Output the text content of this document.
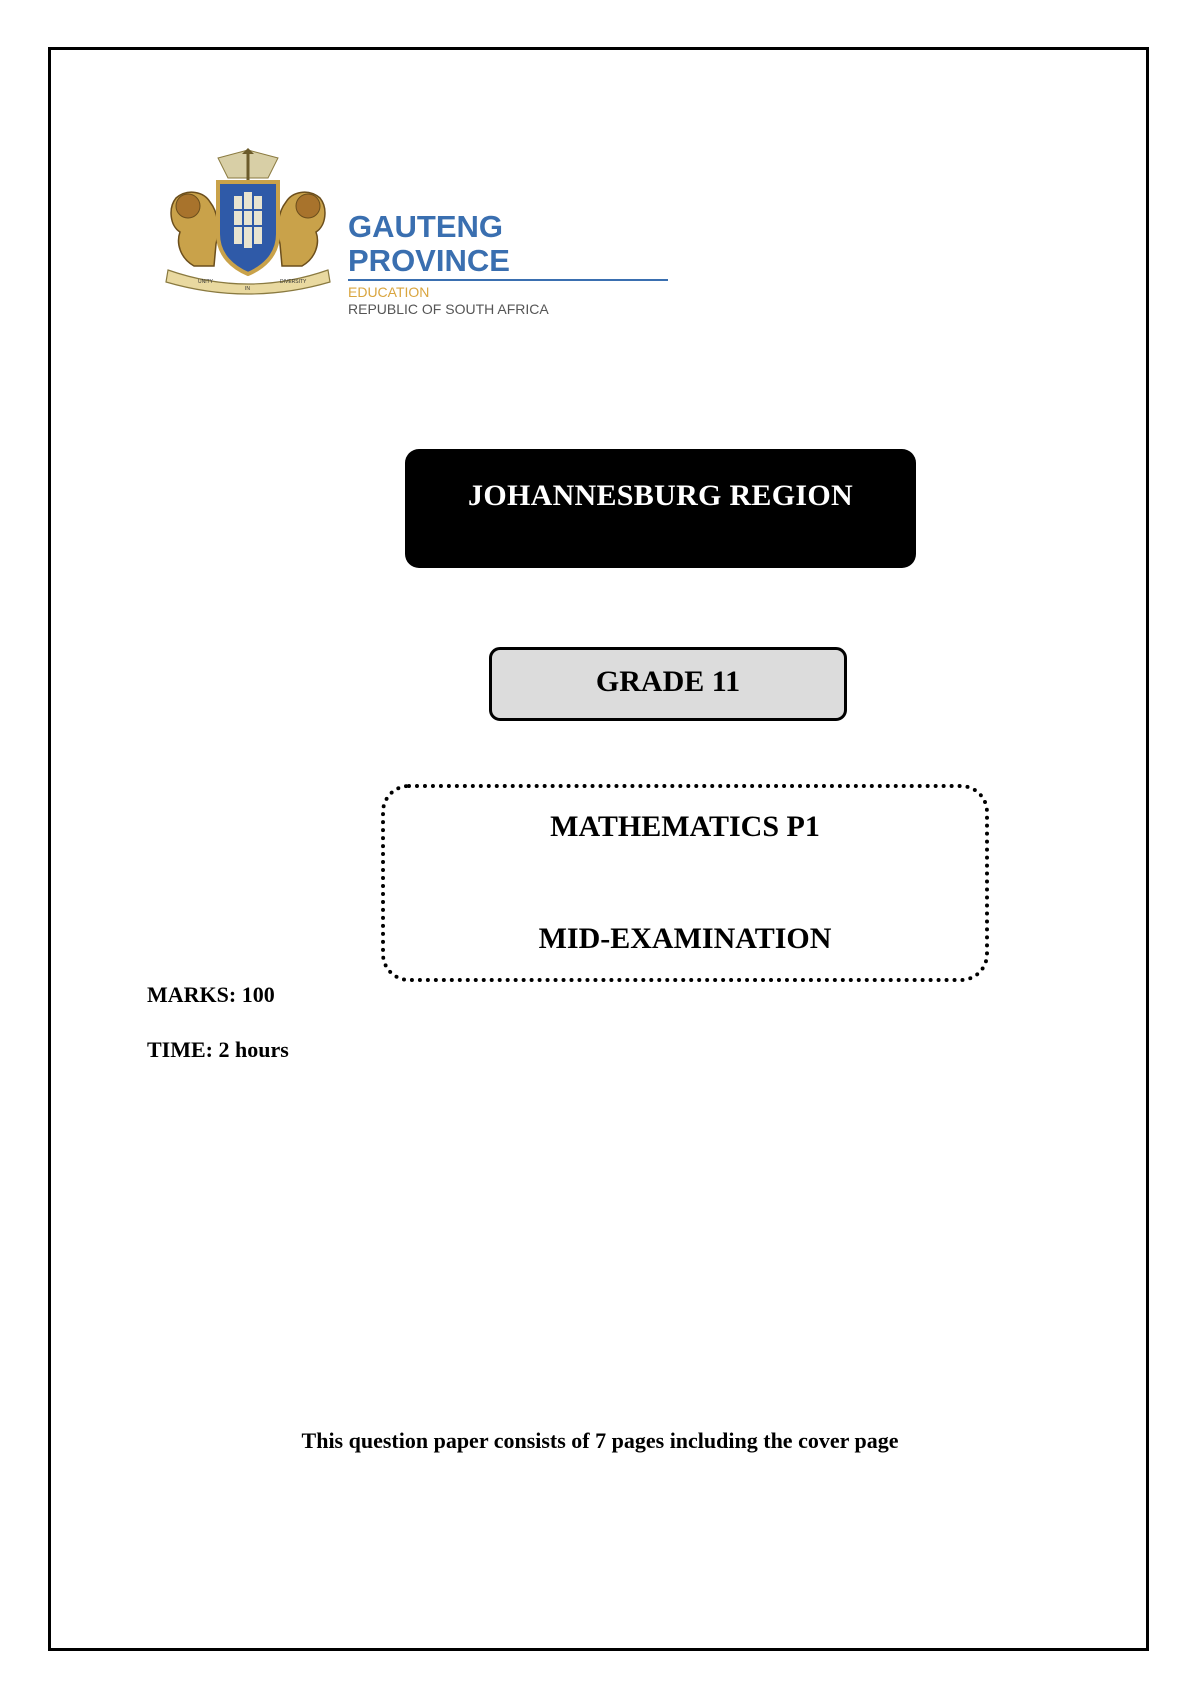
UNITY
IN
DIVERSITY
GAUTENG PROVINCE
EDUCATION
REPUBLIC OF SOUTH AFRICA
JOHANNESBURG REGION
GRADE 11
MATHEMATICS P1
MID-EXAMINATION
MARKS: 100
TIME: 2 hours
This question paper consists of 7 pages including the cover page
